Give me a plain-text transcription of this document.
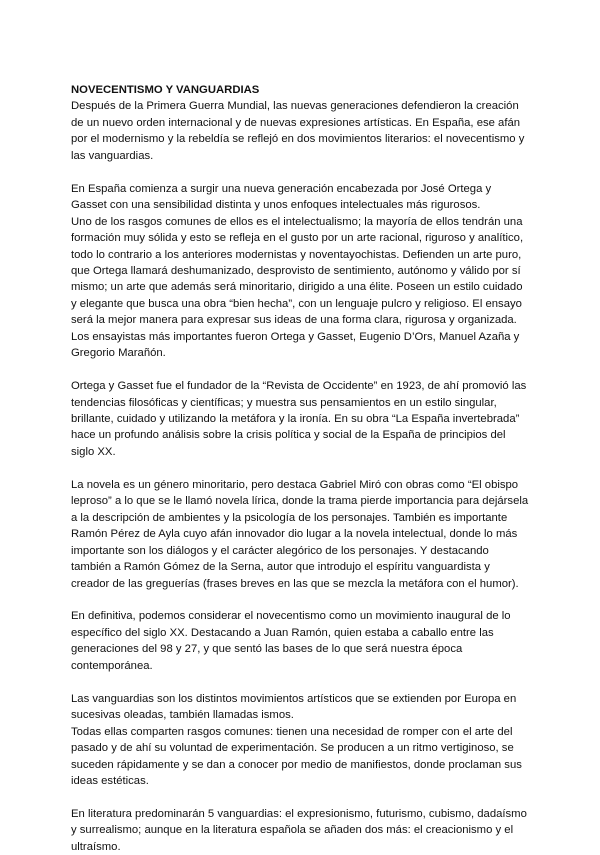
NOVECENTISMO Y VANGUARDIAS

Después de la Primera Guerra Mundial, las nuevas generaciones defendieron la creación de un nuevo orden internacional y de nuevas expresiones artísticas. En España, ese afán por el modernismo y la rebeldía se reflejó en dos movimientos literarios: el novecentismo y las vanguardias.

En España comienza a surgir una nueva generación encabezada por José Ortega y Gasset con una sensibilidad distinta y unos enfoques intelectuales más rigurosos.

Uno de los rasgos comunes de ellos es el intelectualismo; la mayoría de ellos tendrán una formación muy sólida y esto se refleja en el gusto por un arte racional, riguroso y analítico, todo lo contrario a los anteriores modernistas y noventayochistas. Defienden un arte puro, que Ortega llamará deshumanizado, desprovisto de sentimiento, autónomo y válido por sí mismo; un arte que además será minoritario, dirigido a una élite. Poseen un estilo cuidado y elegante que busca una obra “bien hecha”, con un lenguaje pulcro y religioso. El ensayo será la mejor manera para expresar sus ideas de una forma clara, rigurosa y organizada. Los ensayistas más importantes fueron Ortega y Gasset, Eugenio D’Ors, Manuel Azaña y Gregorio Marañón.

Ortega y Gasset fue el fundador de la “Revista de Occidente” en 1923, de ahí promovió las tendencias filosóficas y científicas; y muestra sus pensamientos en un estilo singular, brillante, cuidado y utilizando la metáfora y la ironía. En su obra “La España invertebrada” hace un profundo análisis sobre la crisis política y social de la España de principios del siglo XX.

La novela es un género minoritario, pero destaca Gabriel Miró con obras como “El obispo leproso” a lo que se le llamó novela lírica, donde la trama pierde importancia para dejársela a la descripción de ambientes y la psicología de los personajes. También es importante Ramón Pérez de Ayla cuyo afán innovador dio lugar a la novela intelectual, donde lo más importante son los diálogos y el carácter alegórico de los personajes. Y destacando también a Ramón Gómez de la Serna, autor que introdujo el espíritu vanguardista y creador de las greguerías (frases breves en las que se mezcla la metáfora con el humor).

En definitiva, podemos considerar el novecentismo como un movimiento inaugural de lo específico del siglo XX. Destacando a Juan Ramón, quien estaba a caballo entre las generaciones del 98 y 27, y que sentó las bases de lo que será nuestra época contemporánea.

Las vanguardias son los distintos movimientos artísticos que se extienden por Europa en sucesivas oleadas, también llamadas ismos.

Todas ellas comparten rasgos comunes: tienen una necesidad de romper con el arte del pasado y de ahí su voluntad de experimentación. Se producen a un ritmo vertiginoso, se suceden rápidamente y se dan a conocer por medio de manifiestos, donde proclaman sus ideas estéticas.

En literatura predominarán 5 vanguardias: el expresionismo, futurismo, cubismo, dadaísmo y surrealismo; aunque en la literatura española se añaden dos más: el creacionismo y el ultraísmo.
